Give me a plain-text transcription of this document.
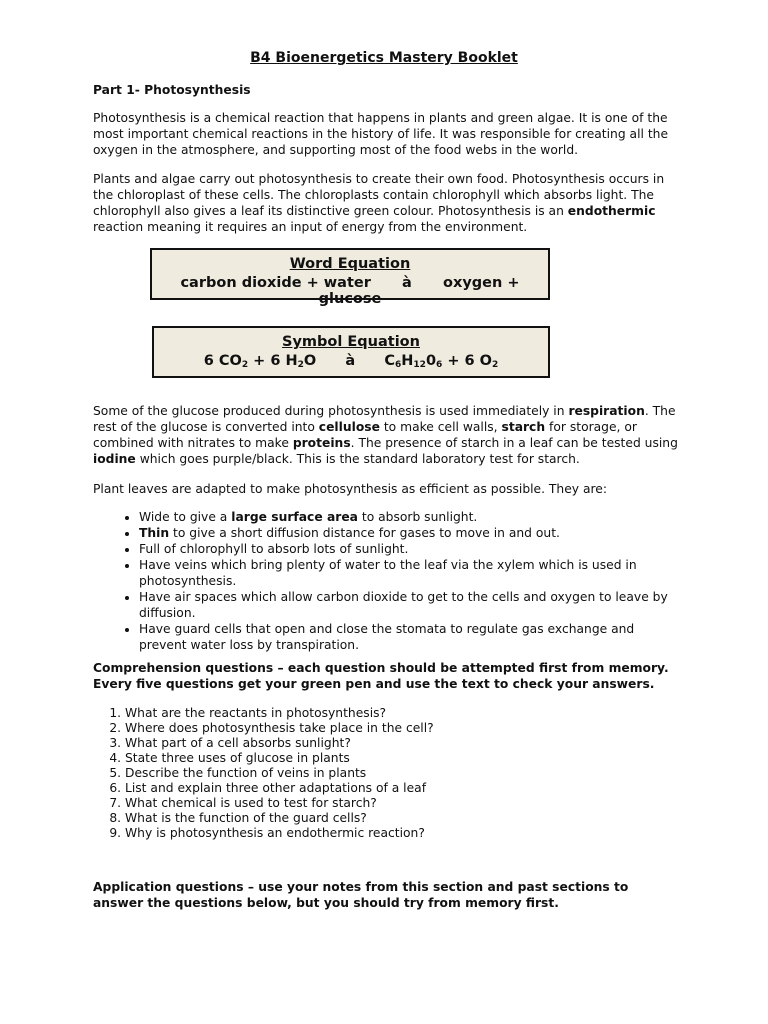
B4 Bioenergetics Mastery Booklet
Part 1- Photosynthesis
Photosynthesis is a chemical reaction that happens in plants and green algae. It is one of the most important chemical reactions in the history of life. It was responsible for creating all the oxygen in the atmosphere, and supporting most of the food webs in the world.
Plants and algae carry out photosynthesis to create their own food. Photosynthesis occurs in the chloroplast of these cells. The chloroplasts contain chlorophyll which absorbs light. The chlorophyll also gives a leaf its distinctive green colour. Photosynthesis is an endothermic reaction meaning it requires an input of energy from the environment.
Word Equation
carbon dioxide + water à oxygen + glucose
Symbol Equation
6 $CO_2 + 6$ $H_2O$ à $C_6H_{12}0_6 + 6$ $O_2$
Some of the glucose produced during photosynthesis is used immediately in respiration. The rest of the glucose is converted into cellulose to make cell walls, starch for storage, or combined with nitrates to make proteins. The presence of starch in a leaf can be tested using iodine which goes purple/black. This is the standard laboratory test for starch.
Plant leaves are adapted to make photosynthesis as efficient as possible. They are:
• Wide to give a large surface area to absorb sunlight.
• Thin to give a short diffusion distance for gases to move in and out.
• Full of chlorophyll to absorb lots of sunlight.
• Have veins which bring plenty of water to the leaf via the xylem which is used in photosynthesis.
• Have air spaces which allow carbon dioxide to get to the cells and oxygen to leave by diffusion.
• Have guard cells that open and close the stomata to regulate gas exchange and prevent water loss by transpiration.
Comprehension questions – each question should be attempted first from memory. Every five questions get your green pen and use the text to check your answers.
1. What are the reactants in photosynthesis?
2. Where does photosynthesis take place in the cell?
3. What part of a cell absorbs sunlight?
4. State three uses of glucose in plants
5. Describe the function of veins in plants
6. List and explain three other adaptations of a leaf
7. What chemical is used to test for starch?
8. What is the function of the guard cells?
9. Why is photosynthesis an endothermic reaction?
Application questions – use your notes from this section and past sections to answer the questions below, but you should try from memory first.
